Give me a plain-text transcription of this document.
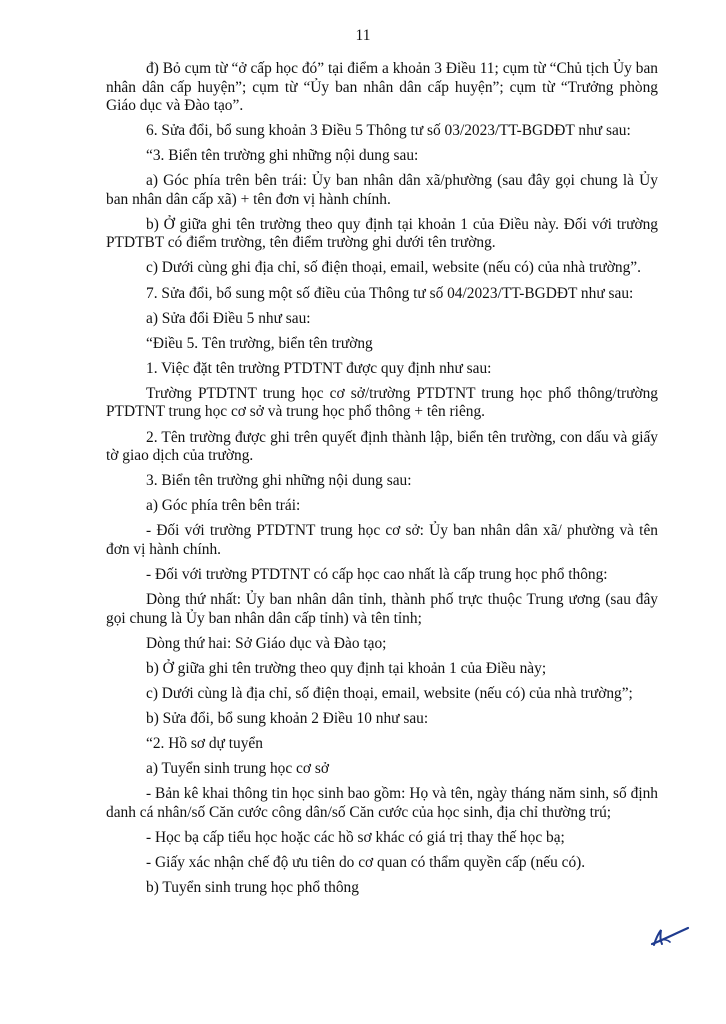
11

đ) Bỏ cụm từ “ở cấp học đó” tại điểm a khoản 3 Điều 11; cụm từ “Chủ tịch Ủy ban nhân dân cấp huyện”; cụm từ “Ủy ban nhân dân cấp huyện”; cụm từ “Trưởng phòng Giáo dục và Đào tạo”.

6. Sửa đổi, bổ sung khoản 3 Điều 5 Thông tư số 03/2023/TT-BGDĐT như sau:

“3. Biển tên trường ghi những nội dung sau:

a) Góc phía trên bên trái: Ủy ban nhân dân xã/phường (sau đây gọi chung là Ủy ban nhân dân cấp xã) + tên đơn vị hành chính.

b) Ở giữa ghi tên trường theo quy định tại khoản 1 của Điều này. Đối với trường PTDTBT có điểm trường, tên điểm trường ghi dưới tên trường.

c) Dưới cùng ghi địa chỉ, số điện thoại, email, website (nếu có) của nhà trường”.

7. Sửa đổi, bổ sung một số điều của Thông tư số 04/2023/TT-BGDĐT như sau:

a) Sửa đổi Điều 5 như sau:

“Điều 5. Tên trường, biển tên trường

1. Việc đặt tên trường PTDTNT được quy định như sau:

Trường PTDTNT trung học cơ sở/trường PTDTNT trung học phổ thông/trường PTDTNT trung học cơ sở và trung học phổ thông + tên riêng.

2. Tên trường được ghi trên quyết định thành lập, biển tên trường, con dấu và giấy tờ giao dịch của trường.

3. Biển tên trường ghi những nội dung sau:

a) Góc phía trên bên trái:

- Đối với trường PTDTNT trung học cơ sở: Ủy ban nhân dân xã/ phường và tên đơn vị hành chính.

- Đối với trường PTDTNT có cấp học cao nhất là cấp trung học phổ thông:

Dòng thứ nhất: Ủy ban nhân dân tỉnh, thành phố trực thuộc Trung ương (sau đây gọi chung là Ủy ban nhân dân cấp tỉnh) và tên tỉnh;

Dòng thứ hai: Sở Giáo dục và Đào tạo;

b) Ở giữa ghi tên trường theo quy định tại khoản 1 của Điều này;

c) Dưới cùng là địa chỉ, số điện thoại, email, website (nếu có) của nhà trường”;

b) Sửa đổi, bổ sung khoản 2 Điều 10 như sau:

“2. Hồ sơ dự tuyển

a) Tuyển sinh trung học cơ sở

- Bản kê khai thông tin học sinh bao gồm: Họ và tên, ngày tháng năm sinh, số định danh cá nhân/số Căn cước công dân/số Căn cước của học sinh, địa chỉ thường trú;

- Học bạ cấp tiểu học hoặc các hồ sơ khác có giá trị thay thế học bạ;

- Giấy xác nhận chế độ ưu tiên do cơ quan có thẩm quyền cấp (nếu có).

b) Tuyển sinh trung học phổ thông
